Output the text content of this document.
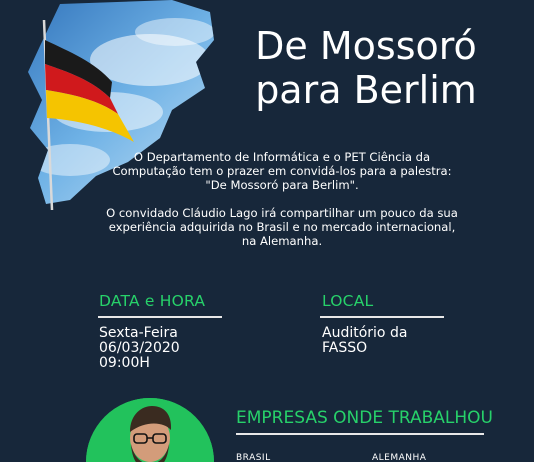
De Mossoró
para Berlim

O Departamento de Informática e o PET Ciência da
Computação tem o prazer em convidá-los para a palestra:
"De Mossoró para Berlim".

O convidado Cláudio Lago irá compartilhar um pouco da sua
experiência adquirida no Brasil e no mercado internacional,
na Alemanha.

DATA e HORA
Sexta-Feira
06/03/2020
09:00H
LOCAL
Auditório da
FASSO
EMPRESAS ONDE TRABALHOU
BRASIL	ALEMANHA
